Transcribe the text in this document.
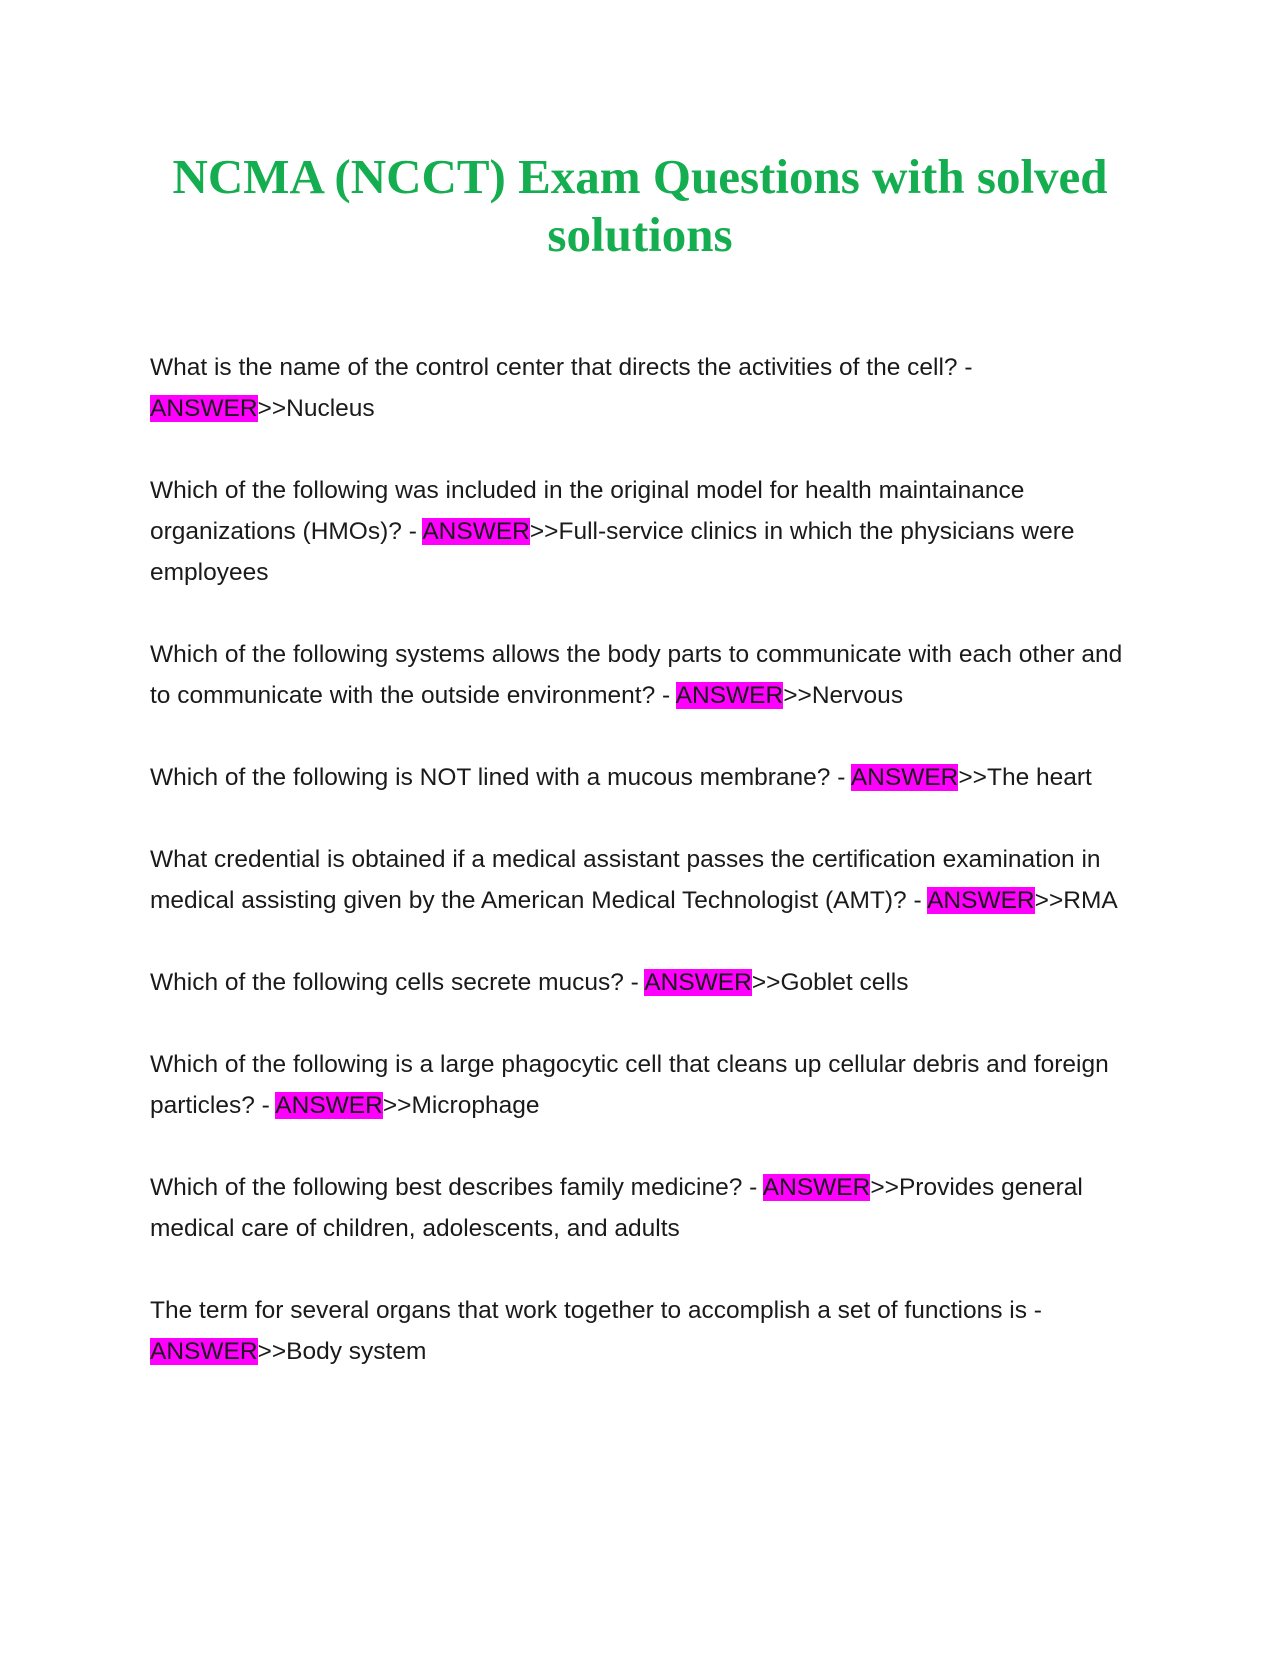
NCMA (NCCT) Exam Questions with solved solutions

What is the name of the control center that directs the activities of the cell? - ANSWER>>Nucleus

Which of the following was included in the original model for health maintainance organizations (HMOs)? - ANSWER>>Full-service clinics in which the physicians were employees

Which of the following systems allows the body parts to communicate with each other and to communicate with the outside environment? - ANSWER>>Nervous

Which of the following is NOT lined with a mucous membrane? - ANSWER>>The heart

What credential is obtained if a medical assistant passes the certification examination in medical assisting given by the American Medical Technologist (AMT)? - ANSWER>>RMA

Which of the following cells secrete mucus? - ANSWER>>Goblet cells

Which of the following is a large phagocytic cell that cleans up cellular debris and foreign particles? - ANSWER>>Microphage

Which of the following best describes family medicine? - ANSWER>>Provides general medical care of children, adolescents, and adults

The term for several organs that work together to accomplish a set of functions is - ANSWER>>Body system
